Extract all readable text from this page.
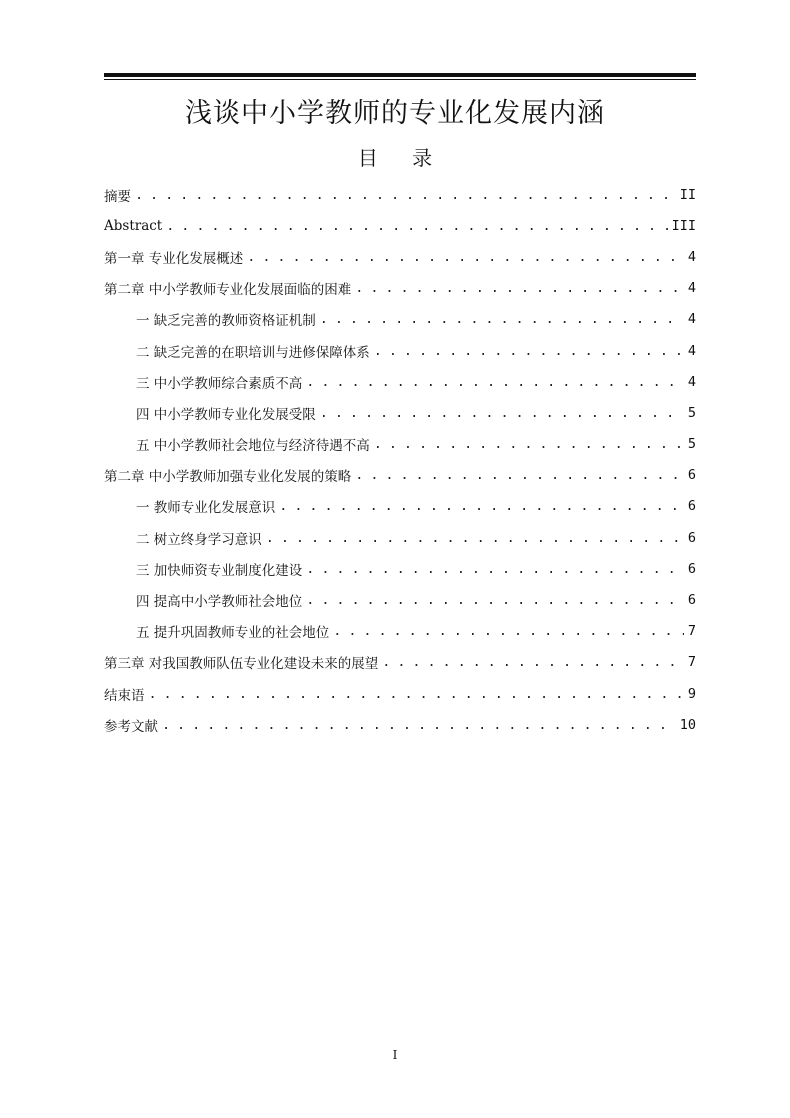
浅谈中小学教师的专业化发展内涵
目 录
摘要 . . .	II
Abstract . . .	III
第一章 专业化发展概述 . . .	4
第二章 中小学教师专业化发展面临的困难 . . .	4
一 缺乏完善的教师资格证机制 . . .	4
二 缺乏完善的在职培训与进修保障体系 . . .	4
三 中小学教师综合素质不高 . . .	4
四 中小学教师专业化发展受限 . . .	5
五 中小学教师社会地位与经济待遇不高 . . .	5
第二章 中小学教师加强专业化发展的策略 . . .	6
一 教师专业化发展意识 . . .	6
二 树立终身学习意识 . . .	6
三 加快师资专业制度化建设 . . .	6
四 提高中小学教师社会地位 . . .	6
五 提升巩固教师专业的社会地位 . . .	7
第三章 对我国教师队伍专业化建设未来的展望 . . .	7
结束语 . . .	9
参考文献 . . .	10
I
